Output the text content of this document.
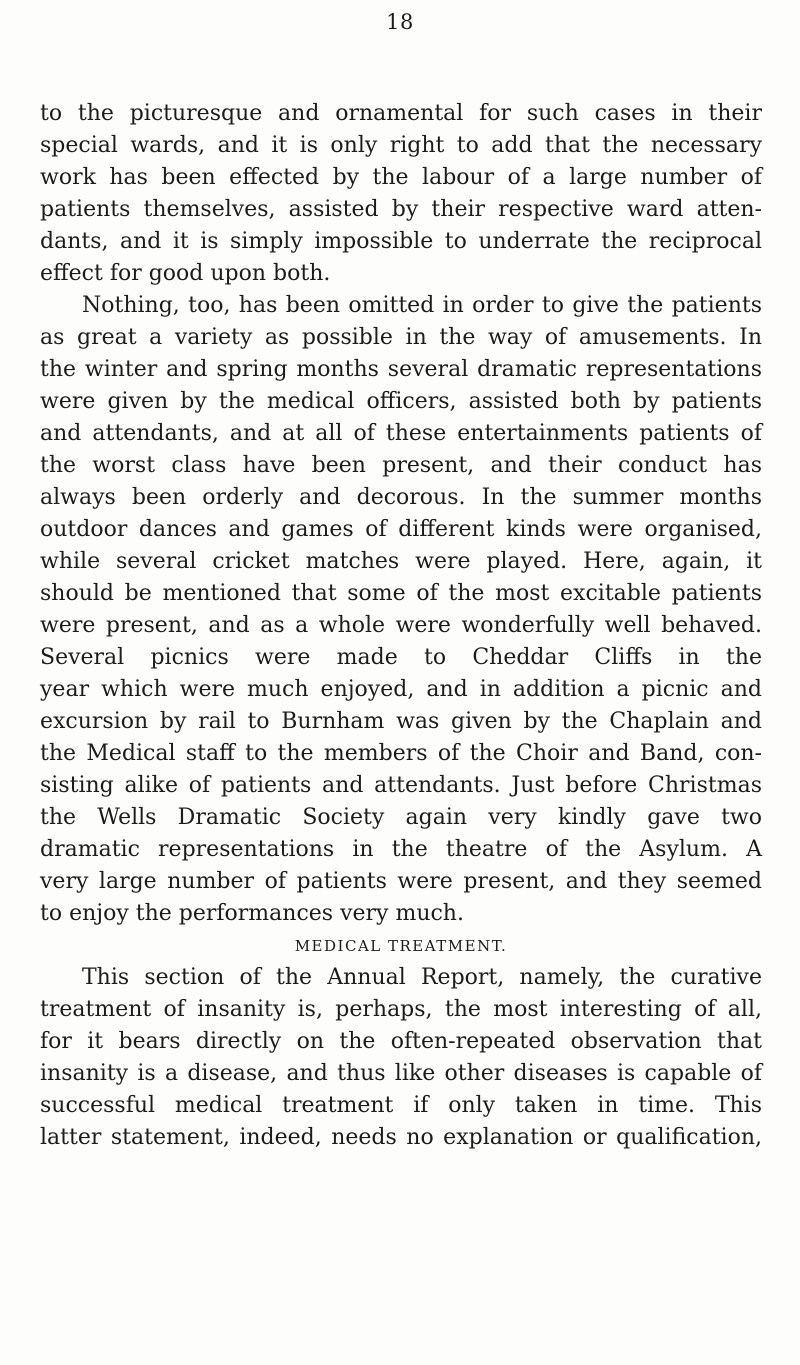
18
to the picturesque and ornamental for such cases in their
special wards, and it is only right to add that the necessary
work has been effected by the labour of a large number of
patients themselves, assisted by their respective ward atten-
dants, and it is simply impossible to underrate the reciprocal
effect for good upon both.
Nothing, too, has been omitted in order to give the patients
as great a variety as possible in the way of amusements. In
the winter and spring months several dramatic representations
were given by the medical officers, assisted both by patients
and attendants, and at all of these entertainments patients of
the worst class have been present, and their conduct has
always been orderly and decorous. In the summer months
outdoor dances and games of different kinds were organised,
while several cricket matches were played. Here, again, it
should be mentioned that some of the most excitable patients
were present, and as a whole were wonderfully well behaved.
Several picnics were made to Cheddar Cliffs in the
year which were much enjoyed, and in addition a picnic and
excursion by rail to Burnham was given by the Chaplain and
the Medical staff to the members of the Choir and Band, con-
sisting alike of patients and attendants. Just before Christmas
the Wells Dramatic Society again very kindly gave two
dramatic representations in the theatre of the Asylum. A
very large number of patients were present, and they seemed
to enjoy the performances very much.
MEDICAL TREATMENT.
This section of the Annual Report, namely, the curative
treatment of insanity is, perhaps, the most interesting of all,
for it bears directly on the often-repeated observation that
insanity is a disease, and thus like other diseases is capable of
successful medical treatment if only taken in time. This
latter statement, indeed, needs no explanation or qualification,
